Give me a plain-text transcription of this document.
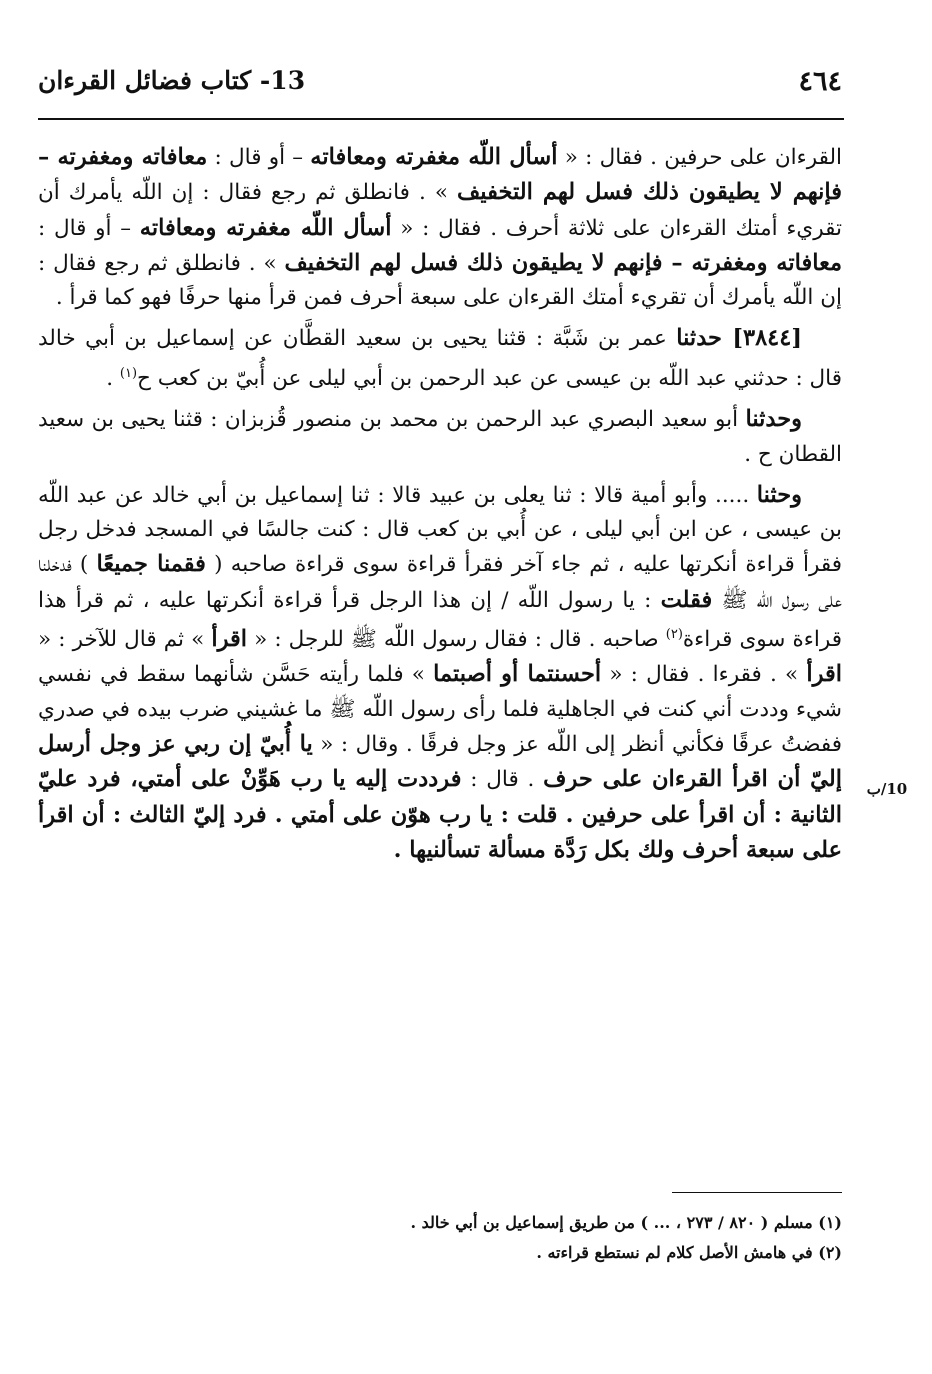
٤٦٤
13- كتاب فضائل القرءان
10/ب

القرءان على حرفين . فقال : « أسأل اللّه مغفرته ومعافاته – أو قال : معافاته ومغفرته – فإنهم لا يطيقون ذلك فسل لهم التخفيف » . فانطلق ثم رجع فقال : إن اللّه يأمرك أن تقريء أمتك القرءان على ثلاثة أحرف . فقال : « أسأل اللّه مغفرته ومعافاته – أو قال : معافاته ومغفرته – فإنهم لا يطيقون ذلك فسل لهم التخفيف » . فانطلق ثم رجع فقال : إن اللّه يأمرك أن تقريء أمتك القرءان على سبعة أحرف فمن قرأ منها حرفًا فهو كما قرأ .

[٣٨٤٤] حدثنا عمر بن شَبَّة : قثنا يحيى بن سعيد القطَّان عن إسماعيل بن أبي خالد قال : حدثني عبد اللّه بن عيسى عن عبد الرحمن بن أبي ليلى عن أُبيّ بن كعب ح$^{(١)}$ .

وحدثنا أبو سعيد البصري عبد الرحمن بن محمد بن منصور قُزبزان : قثنا يحيى بن سعيد القطان ح .

وحثنا ..... وأبو أمية قالا : ثنا يعلى بن عبيد قالا : ثنا إسماعيل بن أبي خالد عن عبد اللّه بن عيسى ، عن ابن أبي ليلى ، عن أُبي بن كعب قال : كنت جالسًا في المسجد فدخل رجل فقرأ قراءة أنكرتها عليه ، ثم جاء آخر فقرأ قراءة سوى قراءة صاحبه ( فقمنا جميعًا ) فدخلنا على رسول اللّه ﷺ فقلت : يا رسول اللّه / إن هذا الرجل قرأ قراءة أنكرتها عليه ، ثم قرأ هذا قراءة سوى قراءة$^{(٢)}$ صاحبه . قال : فقال رسول اللّه ﷺ للرجل : « اقرأ » ثم قال للآخر : « اقرأ » . فقرءا . فقال : « أحسنتما أو أصبتما » فلما رأيته حَسَّن شأنهما سقط في نفسي شيء وددت أني كنت في الجاهلية فلما رأى رسول اللّه ﷺ ما غشيني ضرب بيده في صدري ففضتُ عرقًا فكأني أنظر إلى اللّه عز وجل فرقًا . وقال : « يا أُبيّ إن ربي عز وجل أرسل إليّ أن اقرأ القرءان على حرف . قال : فرددت إليه يا رب هَوِّنْ على أمتي، فرد عليّ الثانية : أن اقرأ على حرفين . قلت : يا رب هوّن على أمتي . فرد إليّ الثالث : أن اقرأ على سبعة أحرف ولك بكل رَدَّة مسألة تسألنيها .

(١) مسلم ( ٨٢٠ / ٢٧٣ ، ... ) من طريق إسماعيل بن أبي خالد .

(٢) في هامش الأصل كلام لم نستطع قراءته .
